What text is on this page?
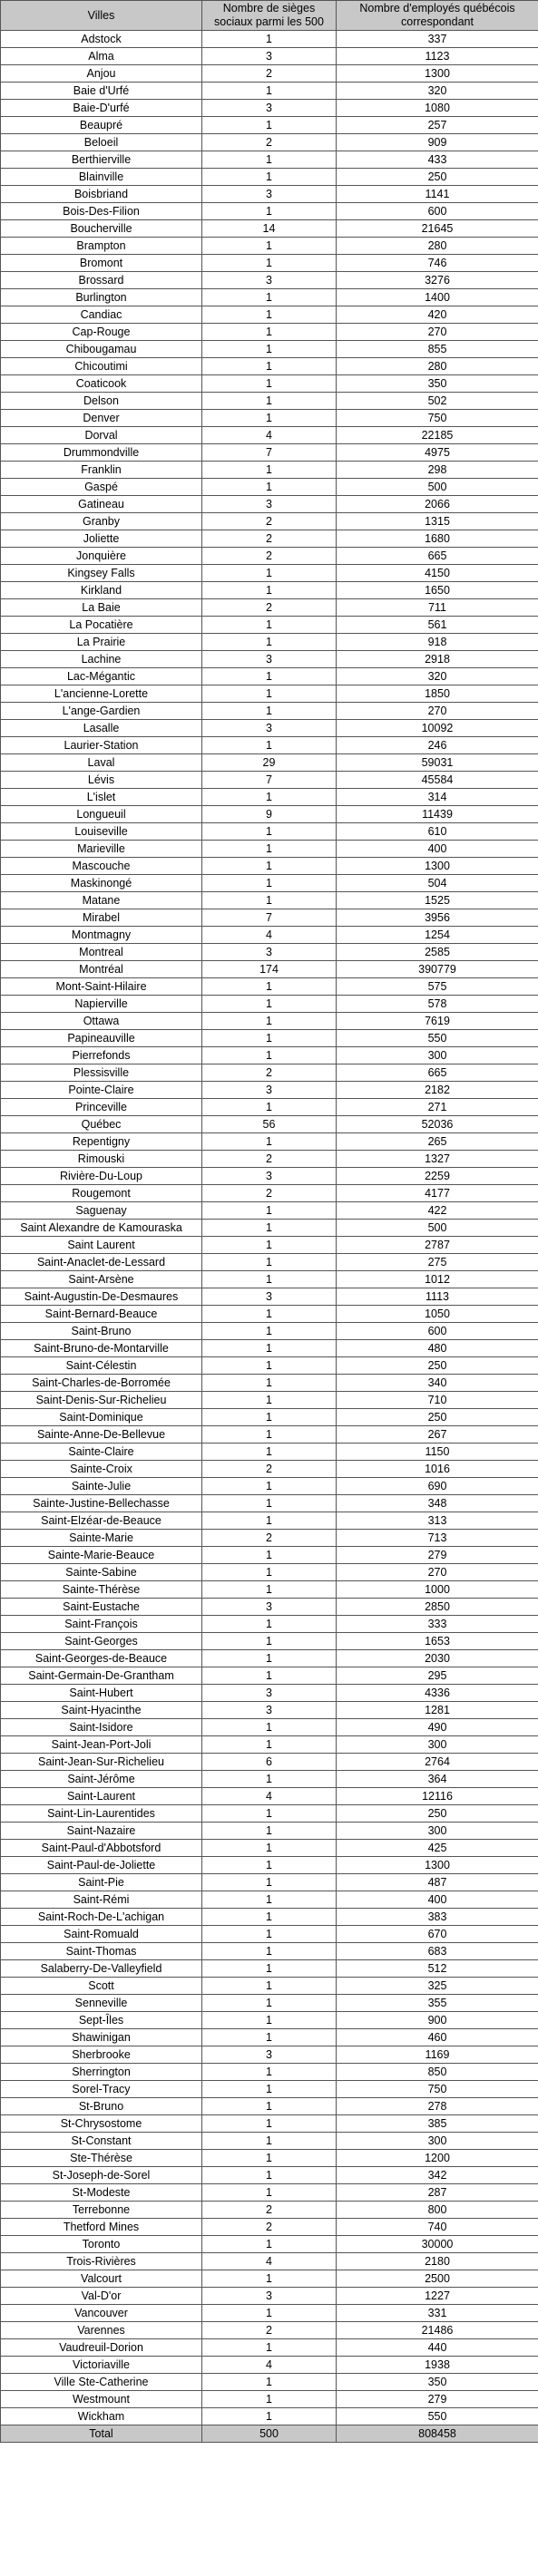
Villes	Nombre de sièges sociaux parmi les 500	Nombre d'employés québécois correspondant
Adstock	1	337
Alma	3	1123
Anjou	2	1300
Baie d'Urfé	1	320
Baie-D'urfé	3	1080
Beaupré	1	257
Beloeil	2	909
Berthierville	1	433
Blainville	1	250
Boisbriand	3	1141
Bois-Des-Filion	1	600
Boucherville	14	21645
Brampton	1	280
Bromont	1	746
Brossard	3	3276
Burlington	1	1400
Candiac	1	420
Cap-Rouge	1	270
Chibougamau	1	855
Chicoutimi	1	280
Coaticook	1	350
Delson	1	502
Denver	1	750
Dorval	4	22185
Drummondville	7	4975
Franklin	1	298
Gaspé	1	500
Gatineau	3	2066
Granby	2	1315
Joliette	2	1680
Jonquière	2	665
Kingsey Falls	1	4150
Kirkland	1	1650
La Baie	2	711
La Pocatière	1	561
La Prairie	1	918
Lachine	3	2918
Lac-Mégantic	1	320
L'ancienne-Lorette	1	1850
L'ange-Gardien	1	270
Lasalle	3	10092
Laurier-Station	1	246
Laval	29	59031
Lévis	7	45584
L'islet	1	314
Longueuil	9	11439
Louiseville	1	610
Marieville	1	400
Mascouche	1	1300
Maskinongé	1	504
Matane	1	1525
Mirabel	7	3956
Montmagny	4	1254
Montreal	3	2585
Montréal	174	390779
Mont-Saint-Hilaire	1	575
Napierville	1	578
Ottawa	1	7619
Papineauville	1	550
Pierrefonds	1	300
Plessisville	2	665
Pointe-Claire	3	2182
Princeville	1	271
Québec	56	52036
Repentigny	1	265
Rimouski	2	1327
Rivière-Du-Loup	3	2259
Rougemont	2	4177
Saguenay	1	422
Saint Alexandre de Kamouraska	1	500
Saint Laurent	1	2787
Saint-Anaclet-de-Lessard	1	275
Saint-Arsène	1	1012
Saint-Augustin-De-Desmaures	3	1113
Saint-Bernard-Beauce	1	1050
Saint-Bruno	1	600
Saint-Bruno-de-Montarville	1	480
Saint-Célestin	1	250
Saint-Charles-de-Borromée	1	340
Saint-Denis-Sur-Richelieu	1	710
Saint-Dominique	1	250
Sainte-Anne-De-Bellevue	1	267
Sainte-Claire	1	1150
Sainte-Croix	2	1016
Sainte-Julie	1	690
Sainte-Justine-Bellechasse	1	348
Saint-Elzéar-de-Beauce	1	313
Sainte-Marie	2	713
Sainte-Marie-Beauce	1	279
Sainte-Sabine	1	270
Sainte-Thérèse	1	1000
Saint-Eustache	3	2850
Saint-François	1	333
Saint-Georges	1	1653
Saint-Georges-de-Beauce	1	2030
Saint-Germain-De-Grantham	1	295
Saint-Hubert	3	4336
Saint-Hyacinthe	3	1281
Saint-Isidore	1	490
Saint-Jean-Port-Joli	1	300
Saint-Jean-Sur-Richelieu	6	2764
Saint-Jérôme	1	364
Saint-Laurent	4	12116
Saint-Lin-Laurentides	1	250
Saint-Nazaire	1	300
Saint-Paul-d'Abbotsford	1	425
Saint-Paul-de-Joliette	1	1300
Saint-Pie	1	487
Saint-Rémi	1	400
Saint-Roch-De-L'achigan	1	383
Saint-Romuald	1	670
Saint-Thomas	1	683
Salaberry-De-Valleyfield	1	512
Scott	1	325
Senneville	1	355
Sept-Îles	1	900
Shawinigan	1	460
Sherbrooke	3	1169
Sherrington	1	850
Sorel-Tracy	1	750
St-Bruno	1	278
St-Chrysostome	1	385
St-Constant	1	300
Ste-Thérèse	1	1200
St-Joseph-de-Sorel	1	342
St-Modeste	1	287
Terrebonne	2	800
Thetford Mines	2	740
Toronto	1	30000
Trois-Rivières	4	2180
Valcourt	1	2500
Val-D'or	3	1227
Vancouver	1	331
Varennes	2	21486
Vaudreuil-Dorion	1	440
Victoriaville	4	1938
Ville Ste-Catherine	1	350
Westmount	1	279
Wickham	1	550
Total	500	808458
